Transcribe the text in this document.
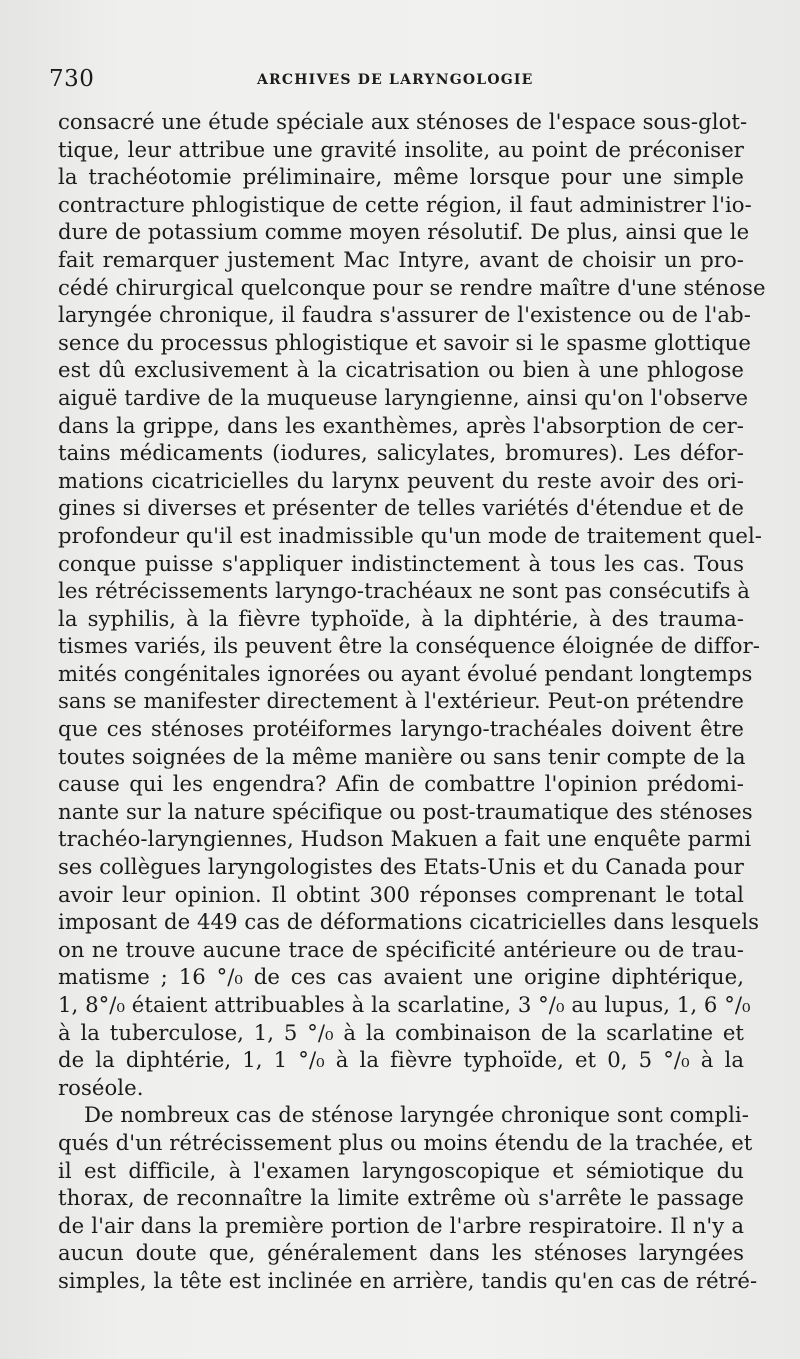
730	ARCHIVES DE LARYNGOLOGIE
consacré une étude spéciale aux sténoses de l'espace sous-glot-
tique, leur attribue une gravité insolite, au point de préconiser
la trachéotomie préliminaire, même lorsque pour une simple
contracture phlogistique de cette région, il faut administrer l'io-
dure de potassium comme moyen résolutif. De plus, ainsi que le
fait remarquer justement Mac Intyre, avant de choisir un pro-
cédé chirurgical quelconque pour se rendre maître d'une sténose
laryngée chronique, il faudra s'assurer de l'existence ou de l'ab-
sence du processus phlogistique et savoir si le spasme glottique
est dû exclusivement à la cicatrisation ou bien à une phlogose
aiguë tardive de la muqueuse laryngienne, ainsi qu'on l'observe
dans la grippe, dans les exanthèmes, après l'absorption de cer-
tains médicaments (iodures, salicylates, bromures). Les défor-
mations cicatricielles du larynx peuvent du reste avoir des ori-
gines si diverses et présenter de telles variétés d'étendue et de
profondeur qu'il est inadmissible qu'un mode de traitement quel-
conque puisse s'appliquer indistinctement à tous les cas. Tous
les rétrécissements laryngo-trachéaux ne sont pas consécutifs à
la syphilis, à la fièvre typhoïde, à la diphtérie, à des trauma-
tismes variés, ils peuvent être la conséquence éloignée de diffor-
mités congénitales ignorées ou ayant évolué pendant longtemps
sans se manifester directement à l'extérieur. Peut-on prétendre
que ces sténoses protéiformes laryngo-trachéales doivent être
toutes soignées de la même manière ou sans tenir compte de la
cause qui les engendra? Afin de combattre l'opinion prédomi-
nante sur la nature spécifique ou post-traumatique des sténoses
trachéo-laryngiennes, Hudson Makuen a fait une enquête parmi
ses collègues laryngologistes des Etats-Unis et du Canada pour
avoir leur opinion. Il obtint 300 réponses comprenant le total
imposant de 449 cas de déformations cicatricielles dans lesquels
on ne trouve aucune trace de spécificité antérieure ou de trau-
matisme ; 16 °/₀ de ces cas avaient une origine diphtérique,
1, 8°/₀ étaient attribuables à la scarlatine, 3 °/₀ au lupus, 1, 6 °/₀
à la tuberculose, 1, 5 °/₀ à la combinaison de la scarlatine et
de la diphtérie, 1, 1 °/₀ à la fièvre typhoïde, et 0, 5 °/₀ à la
roséole.
De nombreux cas de sténose laryngée chronique sont compli-
qués d'un rétrécissement plus ou moins étendu de la trachée, et
il est difficile, à l'examen laryngoscopique et sémiotique du
thorax, de reconnaître la limite extrême où s'arrête le passage
de l'air dans la première portion de l'arbre respiratoire. Il n'y a
aucun doute que, généralement dans les sténoses laryngées
simples, la tête est inclinée en arrière, tandis qu'en cas de rétré-
